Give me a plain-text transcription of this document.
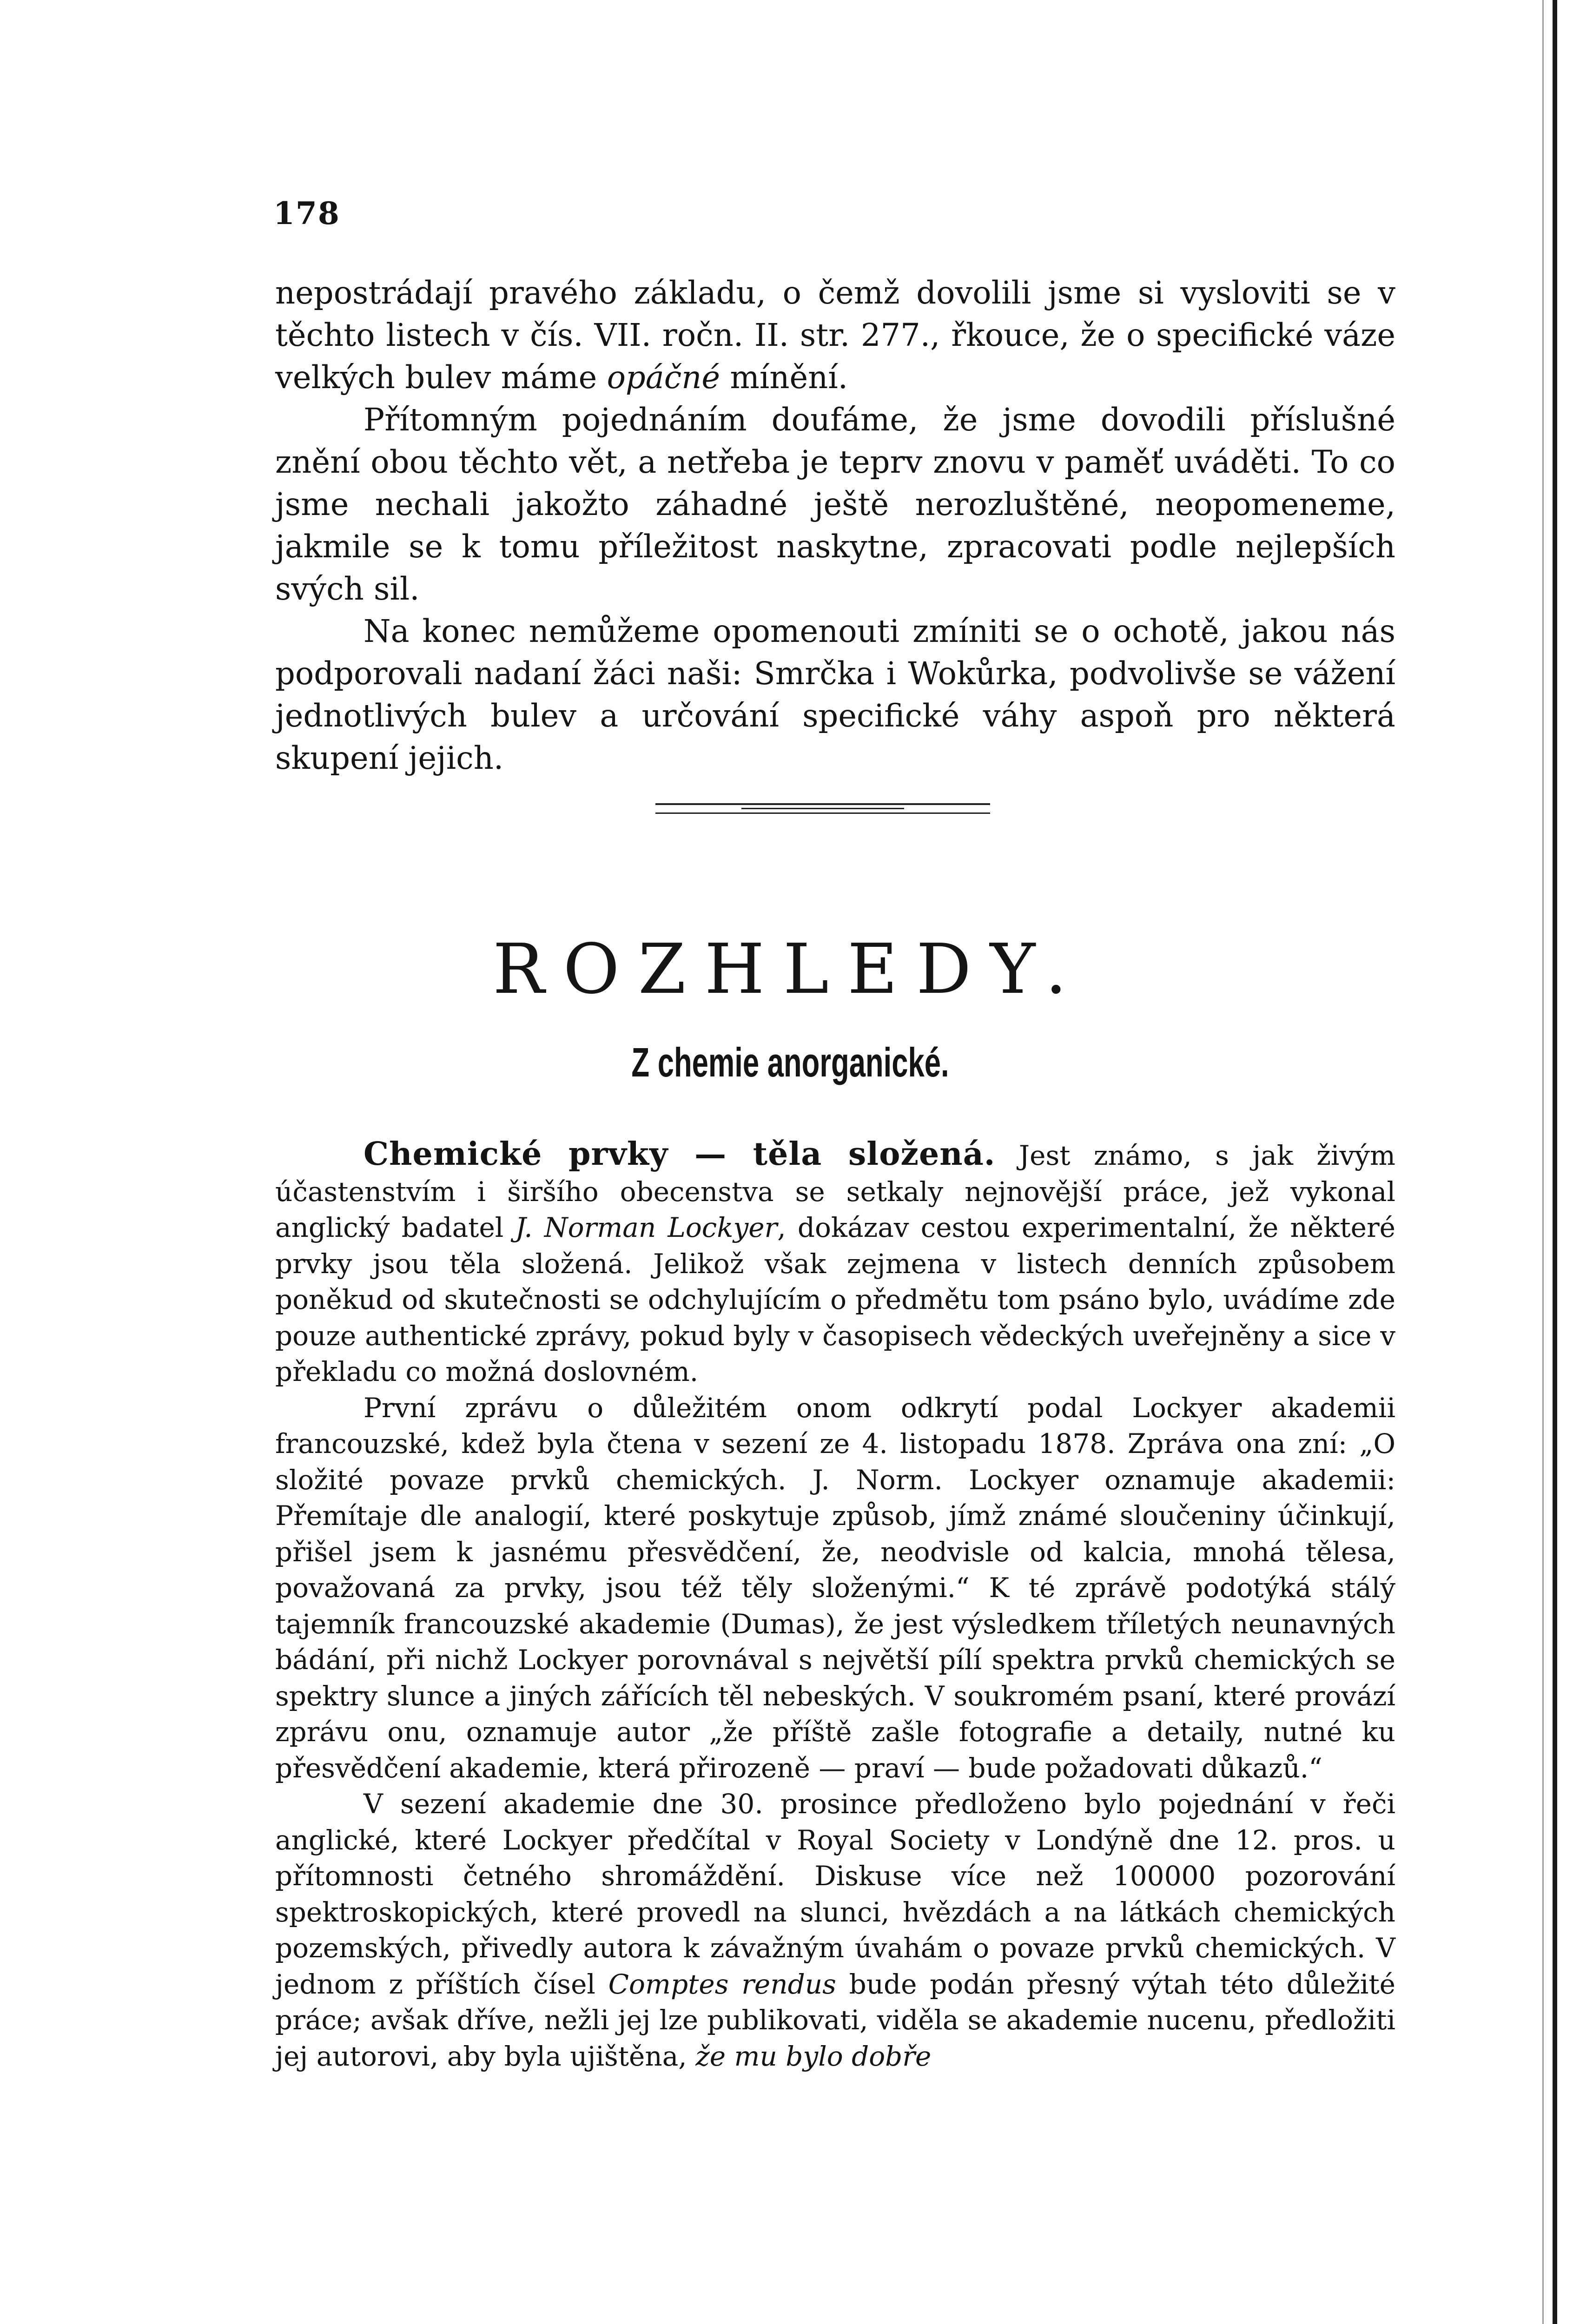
178

nepostrádají pravého základu, o čemž dovolili jsme si vysloviti se v těchto listech v čís. VII. ročn. II. str. 277., řkouce, že o specifické váze velkých bulev máme opáčné mínění.

Přítomným pojednáním doufáme, že jsme dovodili příslušné znění obou těchto vět, a netřeba je teprv znovu v paměť uváděti. To co jsme nechali jakožto záhadné ještě nerozluštěné, neopomeneme, jakmile se k tomu příležitost naskytne, zpracovati podle nejlepších svých sil.

Na konec nemůžeme opomenouti zmíniti se o ochotě, jakou nás podporovali nadaní žáci naši: Smrčka i Wokůrka, podvolivše se vážení jednotlivých bulev a určování specifické váhy aspoň pro některá skupení jejich.

ROZHLEDY.
Z chemie anorganické.

Chemické prvky — těla složená. Jest známo, s jak živým účastenstvím i širšího obecenstva se setkaly nejnovější práce, jež vykonal anglický badatel J. Norman Lockyer, dokázav cestou experimentalní, že některé prvky jsou těla složená. Jelikož však zejmena v listech denních způsobem poněkud od skutečnosti se odchylujícím o předmětu tom psáno bylo, uvádíme zde pouze authentické zprávy, pokud byly v časopisech vědeckých uveřejněny a sice v překladu co možná doslovném.

První zprávu o důležitém onom odkrytí podal Lockyer akademii francouzské, kdež byla čtena v sezení ze 4. listopadu 1878. Zpráva ona zní: „O složité povaze prvků chemických. J. Norm. Lockyer oznamuje akademii: Přemítaje dle analogií, které poskytuje způsob, jímž známé sloučeniny účinkují, přišel jsem k jasnému přesvědčení, že, neodvisle od kalcia, mnohá tělesa, považovaná za prvky, jsou též těly složenými.“ K té zprávě podotýká stálý tajemník francouzské akademie (Dumas), že jest výsledkem tříletých neunavných bádání, při nichž Lockyer porovnával s největší pílí spektra prvků chemických se spektry slunce a jiných zářících těl nebeských. V soukromém psaní, které provází zprávu onu, oznamuje autor „že příště zašle fotografie a detaily, nutné ku přesvědčení akademie, která přirozeně — praví — bude požadovati důkazů.“

V sezení akademie dne 30. prosince předloženo bylo pojednání v řeči anglické, které Lockyer předčítal v Royal Society v Londýně dne 12. pros. u přítomnosti četného shromáždění. Diskuse více než 100000 pozorování spektroskopických, které provedl na slunci, hvězdách a na látkách chemických pozemských, přivedly autora k závažným úvahám o povaze prvků chemických. V jednom z příštích čísel Comptes rendus bude podán přesný výtah této důležité práce; avšak dříve, nežli jej lze publikovati, viděla se akademie nucenu, předložiti jej autorovi, aby byla ujištěna, že mu bylo dobře
